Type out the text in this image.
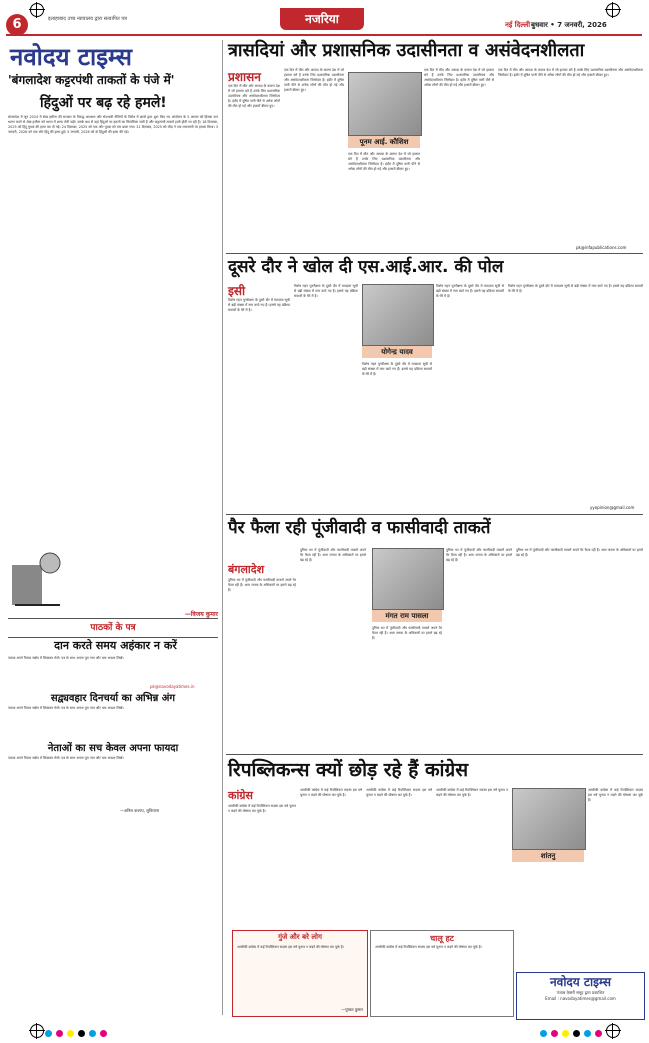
6	इलाहाबाद उच्च न्यायालय द्वारा सत्यापित पत्र	नजरिया	नई दिल्ली बुधवार • 7 जनवरी, 2026
नवोदय टाइम्स
'बंगलादेश कट्टरपंथी ताकतों के पंजे में'
हिंदुओं पर बढ़ रहे हमले!
बंगलादेश में जून 2024 में शेख हसीना की सरकार के विरुद्ध आरक्षण और भेदभावी नीतियों के विरोध में छात्रों द्वारा शुरू किए गए आंदोलन के 5 अगस्त को हिंसक रूप धारण करने से शेख हसीना को भारत में शरण लेनी पड़ी। उसके बाद से वहां हिंदुओं पर हमलों का सिलसिला जारी है और कट्टरपंथी ताकतें हावी होती जा रही हैं। 18 दिसम्बर, 2025 को हिंदू युवक की हत्या कर दी गई। 24 दिसम्बर, 2025 को एक और युवक को मार डाला गया। 31 दिसम्बर, 2025 को भीड़ ने एक व्यवसायी पर हमला किया। 3 जनवरी, 2026 को एक और हिंदू की हत्या हुई। 5 जनवरी, 2026 को दो हिंदुओं की हत्या की गई।
—विजय कुमार
पाठकों के पत्र
दान करते समय अहंकार न करें
पाठक अपने विचार संक्षेप में लिखकर भेजें। पत्र के साथ अपना पूरा नाम और पता अवश्य लिखें।
pk@navodayatimes.in
सद्व्यवहार दिनचर्या का अभिन्न अंग
पाठक अपने विचार संक्षेप में लिखकर भेजें। पत्र के साथ अपना पूरा नाम और पता अवश्य लिखें।
नेताओं का सच केवल अपना फायदा
पाठक अपने विचार संक्षेप में लिखकर भेजें। पत्र के साथ अपना पूरा नाम और पता अवश्य लिखें।
—अनिल कश्यप, लुधियाना
त्रासदियां और प्रशासनिक उदासीनता व असंवेदनशीलता
प्रशासन
एक दिन में मौत और आपदा के कारण देश में जो हालात बने हैं उनके लिए प्रशासनिक उदासीनता और असंवेदनशीलता जिम्मेदार है। इंदौर में दूषित पानी पीने से अनेक लोगों की मौत हो गई और हजारों बीमार हुए।
एक दिन में मौत और आपदा के कारण देश में जो हालात बने हैं उनके लिए प्रशासनिक उदासीनता और असंवेदनशीलता जिम्मेदार है। इंदौर में दूषित पानी पीने से अनेक लोगों की मौत हो गई और हजारों बीमार हुए।
पूनम आई. कौशिश
एक दिन में मौत और आपदा के कारण देश में जो हालात बने हैं उनके लिए प्रशासनिक उदासीनता और असंवेदनशीलता जिम्मेदार है। इंदौर में दूषित पानी पीने से अनेक लोगों की मौत हो गई और हजारों बीमार हुए।
एक दिन में मौत और आपदा के कारण देश में जो हालात बने हैं उनके लिए प्रशासनिक उदासीनता और असंवेदनशीलता जिम्मेदार है। इंदौर में दूषित पानी पीने से अनेक लोगों की मौत हो गई और हजारों बीमार हुए।
एक दिन में मौत और आपदा के कारण देश में जो हालात बने हैं उनके लिए प्रशासनिक उदासीनता और असंवेदनशीलता जिम्मेदार है। इंदौर में दूषित पानी पीने से अनेक लोगों की मौत हो गई और हजारों बीमार हुए।
pk@infapublications.com
दूसरे दौर ने खोल दी एस.आई.आर. की पोल
इसी
विशेष गहन पुनरीक्षण के दूसरे दौर में मतदाता सूची से बड़ी संख्या में नाम काटे गए हैं। इससे यह प्रक्रिया सवालों के घेरे में है।
विशेष गहन पुनरीक्षण के दूसरे दौर में मतदाता सूची से बड़ी संख्या में नाम काटे गए हैं। इससे यह प्रक्रिया सवालों के घेरे में है।
योगेन्द्र यादव
विशेष गहन पुनरीक्षण के दूसरे दौर में मतदाता सूची से बड़ी संख्या में नाम काटे गए हैं। इससे यह प्रक्रिया सवालों के घेरे में है।
विशेष गहन पुनरीक्षण के दूसरे दौर में मतदाता सूची से बड़ी संख्या में नाम काटे गए हैं। इससे यह प्रक्रिया सवालों के घेरे में है।
विशेष गहन पुनरीक्षण के दूसरे दौर में मतदाता सूची से बड़ी संख्या में नाम काटे गए हैं। इससे यह प्रक्रिया सवालों के घेरे में है।
yyopinion@gmail.com
पैर फैला रही पूंजीवादी व फासीवादी ताकतें
बंगलादेश
दुनिया भर में पूंजीवादी और फासीवादी ताकतें अपने पैर फैला रही हैं। आम जनता के अधिकारों पर हमले बढ़ रहे हैं।
दुनिया भर में पूंजीवादी और फासीवादी ताकतें अपने पैर फैला रही हैं। आम जनता के अधिकारों पर हमले बढ़ रहे हैं।
मंगत राम पासला
दुनिया भर में पूंजीवादी और फासीवादी ताकतें अपने पैर फैला रही हैं। आम जनता के अधिकारों पर हमले बढ़ रहे हैं।
दुनिया भर में पूंजीवादी और फासीवादी ताकतें अपने पैर फैला रही हैं। आम जनता के अधिकारों पर हमले बढ़ रहे हैं।
दुनिया भर में पूंजीवादी और फासीवादी ताकतें अपने पैर फैला रही हैं। आम जनता के अधिकारों पर हमले बढ़ रहे हैं।
रिपब्लिकन्स क्यों छोड़ रहे हैं कांग्रेस
कांग्रेस
अमरीकी कांग्रेस में कई रिपब्लिकन सदस्य इस वर्ष चुनाव न लड़ने की घोषणा कर चुके हैं।
अमरीकी कांग्रेस में कई रिपब्लिकन सदस्य इस वर्ष चुनाव न लड़ने की घोषणा कर चुके हैं।
अमरीकी कांग्रेस में कई रिपब्लिकन सदस्य इस वर्ष चुनाव न लड़ने की घोषणा कर चुके हैं।
अमरीकी कांग्रेस में कई रिपब्लिकन सदस्य इस वर्ष चुनाव न लड़ने की घोषणा कर चुके हैं।
शांतनु
अमरीकी कांग्रेस में कई रिपब्लिकन सदस्य इस वर्ष चुनाव न लड़ने की घोषणा कर चुके हैं।
गुंजे और बरे लोग
अमरीकी कांग्रेस में कई रिपब्लिकन सदस्य इस वर्ष चुनाव न लड़ने की घोषणा कर चुके हैं।
—पुष्कर कुमार
चालू हट
अमरीकी कांग्रेस में कई रिपब्लिकन सदस्य इस वर्ष चुनाव न लड़ने की घोषणा कर चुके हैं।
नवोदय टाइम्स
पंजाब केसरी समूह द्वारा प्रकाशित
Email : navodayatimes@gmail.com
